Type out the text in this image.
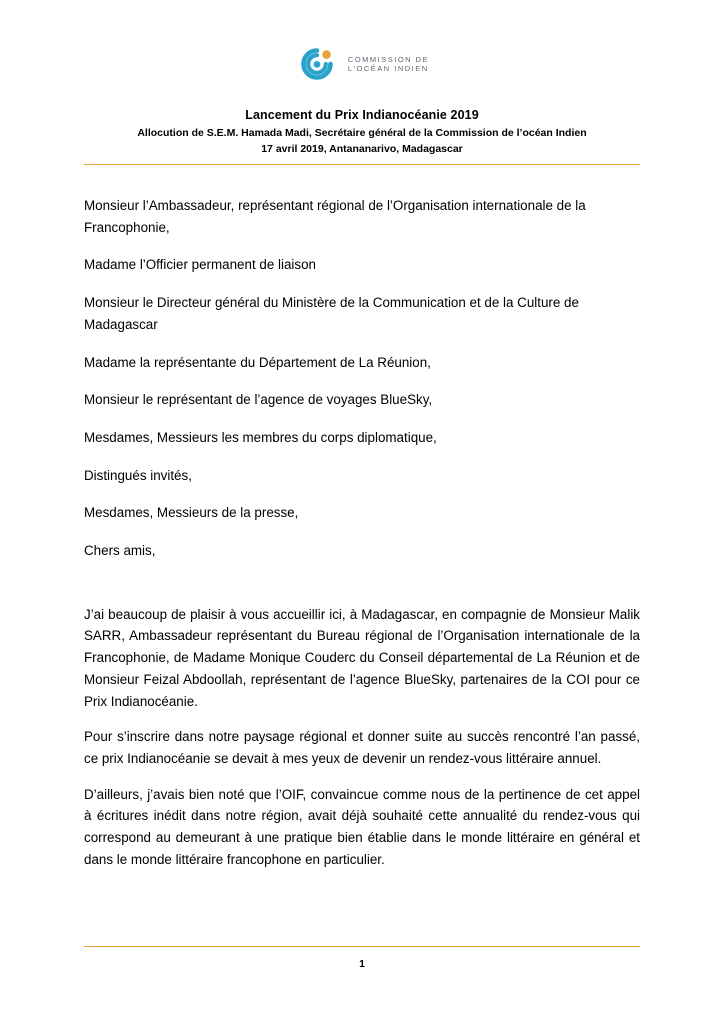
COMMISSION DE
L'OCÉAN INDIEN
Lancement du Prix Indianocéanie 2019
Allocution de S.E.M. Hamada Madi, Secrétaire général de la Commission de l’océan Indien
17 avril 2019, Antananarivo, Madagascar

Monsieur l’Ambassadeur, représentant régional de l’Organisation internationale de la Francophonie,

Madame l’Officier permanent de liaison

Monsieur le Directeur général du Ministère de la Communication et de la Culture de Madagascar

Madame la représentante du Département de La Réunion,

Monsieur le représentant de l’agence de voyages BlueSky,

Mesdames, Messieurs les membres du corps diplomatique,

Distingués invités,

Mesdames, Messieurs de la presse,

Chers amis,

J’ai beaucoup de plaisir à vous accueillir ici, à Madagascar, en compagnie de Monsieur Malik SARR, Ambassadeur représentant du Bureau régional de l’Organisation internationale de la Francophonie, de Madame Monique Couderc du Conseil départemental de La Réunion et de Monsieur Feizal Abdoollah, représentant de l’agence BlueSky, partenaires de la COI pour ce Prix Indianocéanie.

Pour s’inscrire dans notre paysage régional et donner suite au succès rencontré l’an passé, ce prix Indianocéanie se devait à mes yeux de devenir un rendez-vous littéraire annuel.

D’ailleurs, j’avais bien noté que l’OIF, convaincue comme nous de la pertinence de cet appel à écritures inédit dans notre région, avait déjà souhaité cette annualité du rendez-vous qui correspond au demeurant à une pratique bien établie dans le monde littéraire en général et dans le monde littéraire francophone en particulier.

1
